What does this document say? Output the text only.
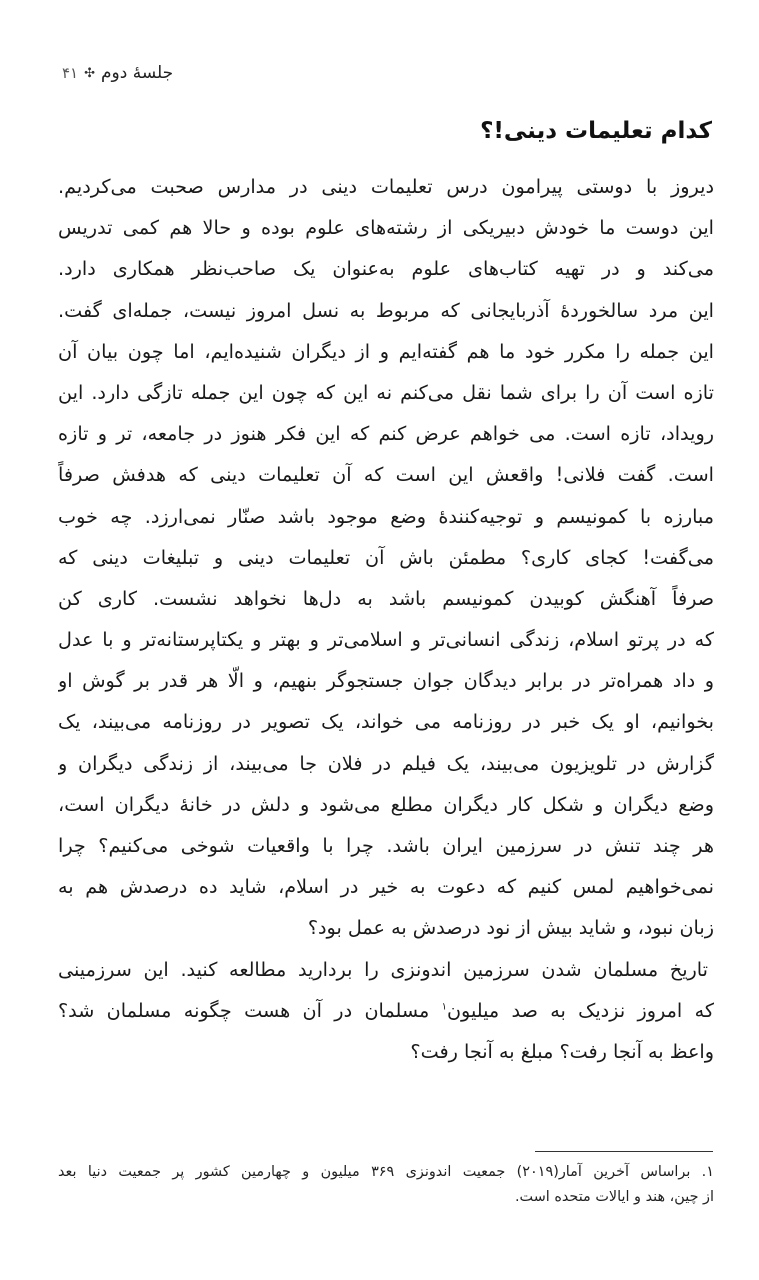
جلسهٔ دوم
✣
۴۱
کدام تعلیمات دینی!؟
دیروز با دوستی پیرامون درس تعلیمات دینی در مدارس صحبت می‌کردیم.
این دوست ما خودش دبیریکی از رشته‌های علوم بوده و حالا هم کمی تدریس
می‌کند و در تهیه کتاب‌های علوم به‌عنوان یک صاحب‌نظر همکاری دارد.
این مرد سالخوردهٔ آذربایجانی که مربوط به نسل امروز نیست، جمله‌ای گفت.
این جمله را مکرر خود ما هم گفته‌ایم و از دیگران شنیده‌ایم، اما چون بیان آن
تازه است آن را برای شما نقل می‌کنم نه این که چون این جمله تازگی دارد. این
رویداد، تازه است. می خواهم عرض کنم که این فکر هنوز در جامعه، تر و تازه
است. گفت فلانی! واقعش این است که آن تعلیمات دینی که هدفش صرفاً
مبارزه با کمونیسم و توجیه‌کنندهٔ وضع موجود باشد صنّار نمی‌ارزد. چه خوب
می‌گفت! کجای کاری؟ مطمئن باش آن تعلیمات دینی و تبلیغات دینی که
صرفاً آهنگش کوبیدن کمونیسم باشد به دل‌ها نخواهد نشست. کاری کن
که در پرتو اسلام، زندگی انسانی‌تر و اسلامی‌تر و بهتر و یکتاپرستانه‌تر و با عدل
و داد همراه‌تر در برابر دیدگان جوان جستجوگر بنهیم، و الّا هر قدر بر گوش او
بخوانیم، او یک خبر در روزنامه می خواند، یک تصویر در روزنامه می‌بیند، یک
گزارش در تلویزیون می‌بیند، یک فیلم در فلان جا می‌بیند، از زندگی دیگران و
وضع دیگران و شکل کار دیگران مطلع می‌شود و دلش در خانهٔ دیگران است،
هر چند تنش در سرزمین ایران باشد. چرا با واقعیات شوخی می‌کنیم؟ چرا
نمی‌خواهیم لمس کنیم که دعوت به خیر در اسلام، شاید ده درصدش هم به
زبان نبود، و شاید بیش از نود درصدش به عمل بود؟
تاریخ مسلمان شدن سرزمین اندونزی را بردارید مطالعه کنید. این سرزمینی
که امروز نزدیک به صد میلیون$^۱$ مسلمان در آن هست چگونه مسلمان شد؟
واعظ به آنجا رفت؟ مبلغ به آنجا رفت؟
۱. براساس آخرین آمار(۲۰۱۹) جمعیت اندونزی ۳۶۹ میلیون و چهارمین کشور پر جمعیت دنیا بعد
از چین، هند و ایالات متحده است.
